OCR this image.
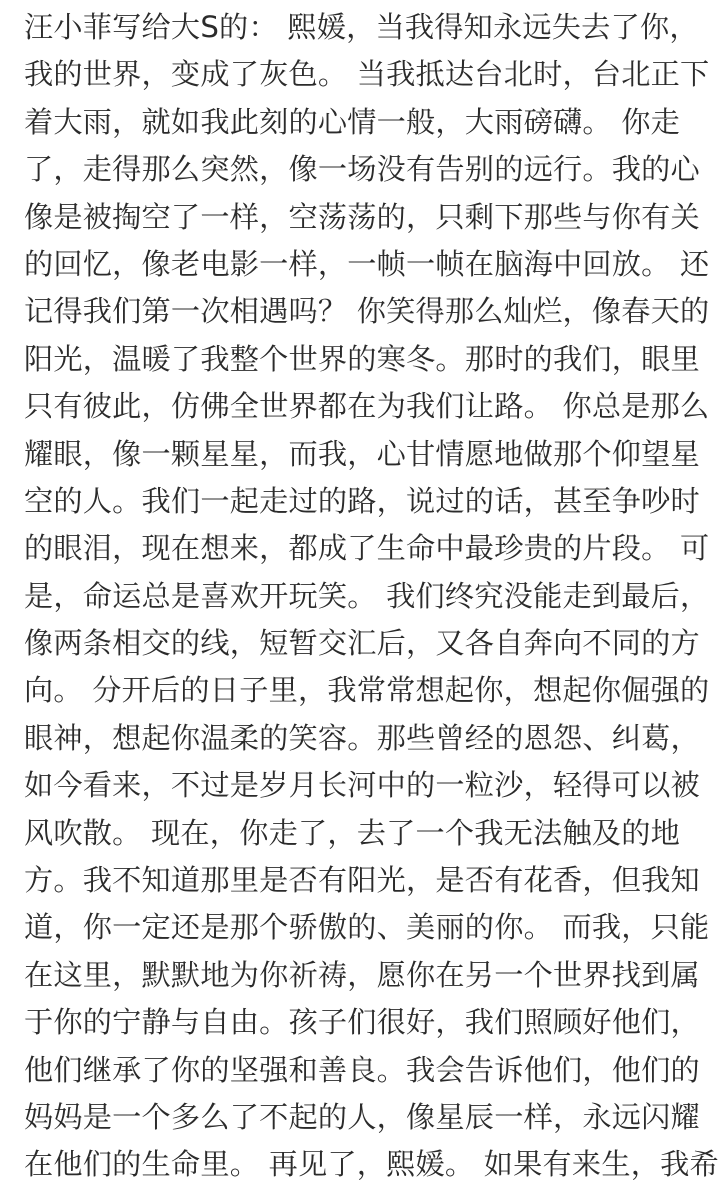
汪小菲写给大S的： 熙媛，当我得知永远失去了你，
我的世界，变成了灰色。 当我抵达台北时，台北正下
着大雨，就如我此刻的心情一般，大雨磅礴。 你走
了，走得那么突然，像一场没有告别的远行。我的心
像是被掏空了一样，空荡荡的，只剩下那些与你有关
的回忆，像老电影一样，一帧一帧在脑海中回放。 还
记得我们第一次相遇吗？ 你笑得那么灿烂，像春天的
阳光，温暖了我整个世界的寒冬。那时的我们，眼里
只有彼此，仿佛全世界都在为我们让路。 你总是那么
耀眼，像一颗星星，而我，心甘情愿地做那个仰望星
空的人。我们一起走过的路，说过的话，甚至争吵时
的眼泪，现在想来，都成了生命中最珍贵的片段。 可
是，命运总是喜欢开玩笑。 我们终究没能走到最后，
像两条相交的线，短暂交汇后，又各自奔向不同的方
向。 分开后的日子里，我常常想起你，想起你倔强的
眼神，想起你温柔的笑容。那些曾经的恩怨、纠葛，
如今看来，不过是岁月长河中的一粒沙，轻得可以被
风吹散。 现在，你走了，去了一个我无法触及的地
方。我不知道那里是否有阳光，是否有花香，但我知
道，你一定还是那个骄傲的、美丽的你。 而我，只能
在这里，默默地为你祈祷，愿你在另一个世界找到属
于你的宁静与自由。孩子们很好，我们照顾好他们，
他们继承了你的坚强和善良。我会告诉他们，他们的
妈妈是一个多么了不起的人，像星辰一样，永远闪耀
在他们的生命里。 再见了，熙媛。 如果有来生，我希
